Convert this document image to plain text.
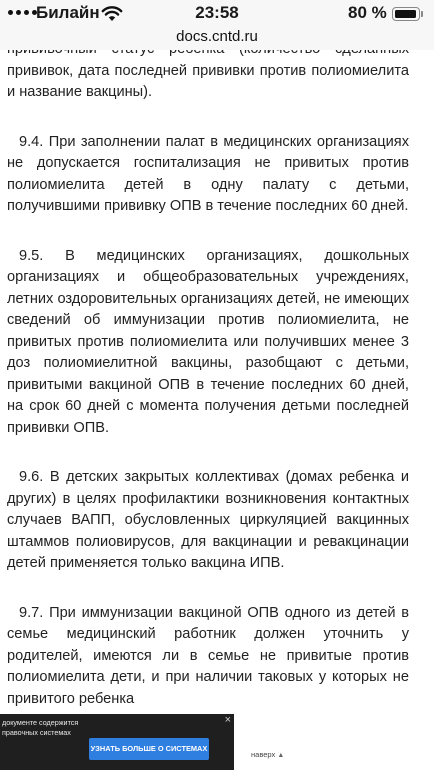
Билайн	23:58	80 %
docs.cntd.ru

прививок, дата последней прививки против полиомиелита и название вакцины).

9.4. При заполнении палат в медицинских организациях не допускается госпитализация не привитых против полиомиелита детей в одну палату с детьми, получившими прививку ОПВ в течение последних 60 дней.

9.5. В медицинских организациях, дошкольных организациях и общеобразовательных учреждениях, летних оздоровительных организациях детей, не имеющих сведений об иммунизации против полиомиелита, не привитых против полиомиелита или получивших менее 3 доз полиомиелитной вакцины, разобщают с детьми, привитыми вакциной ОПВ в течение последних 60 дней, на срок 60 дней с момента получения детьми последней прививки ОПВ.

9.6. В детских закрытых коллективах (домах ребенка и других) в целях профилактики возникновения контактных случаев ВАПП, обусловленных циркуляцией вакцинных штаммов полиовирусов, для вакцинации и ревакцинации детей применяется только вакцина ИПВ.

9.7. При иммунизации вакциной ОПВ одного из детей в семье медицинский работник должен уточнить у родителей, имеются ли в семье не привитые против полиомиелита дети, и при наличии таковых у которых не привитого ребенка

документе содержится правочных системах
УЗНАТЬ БОЛЬШЕ О СИСТЕМАХ
×
наверх ▲
